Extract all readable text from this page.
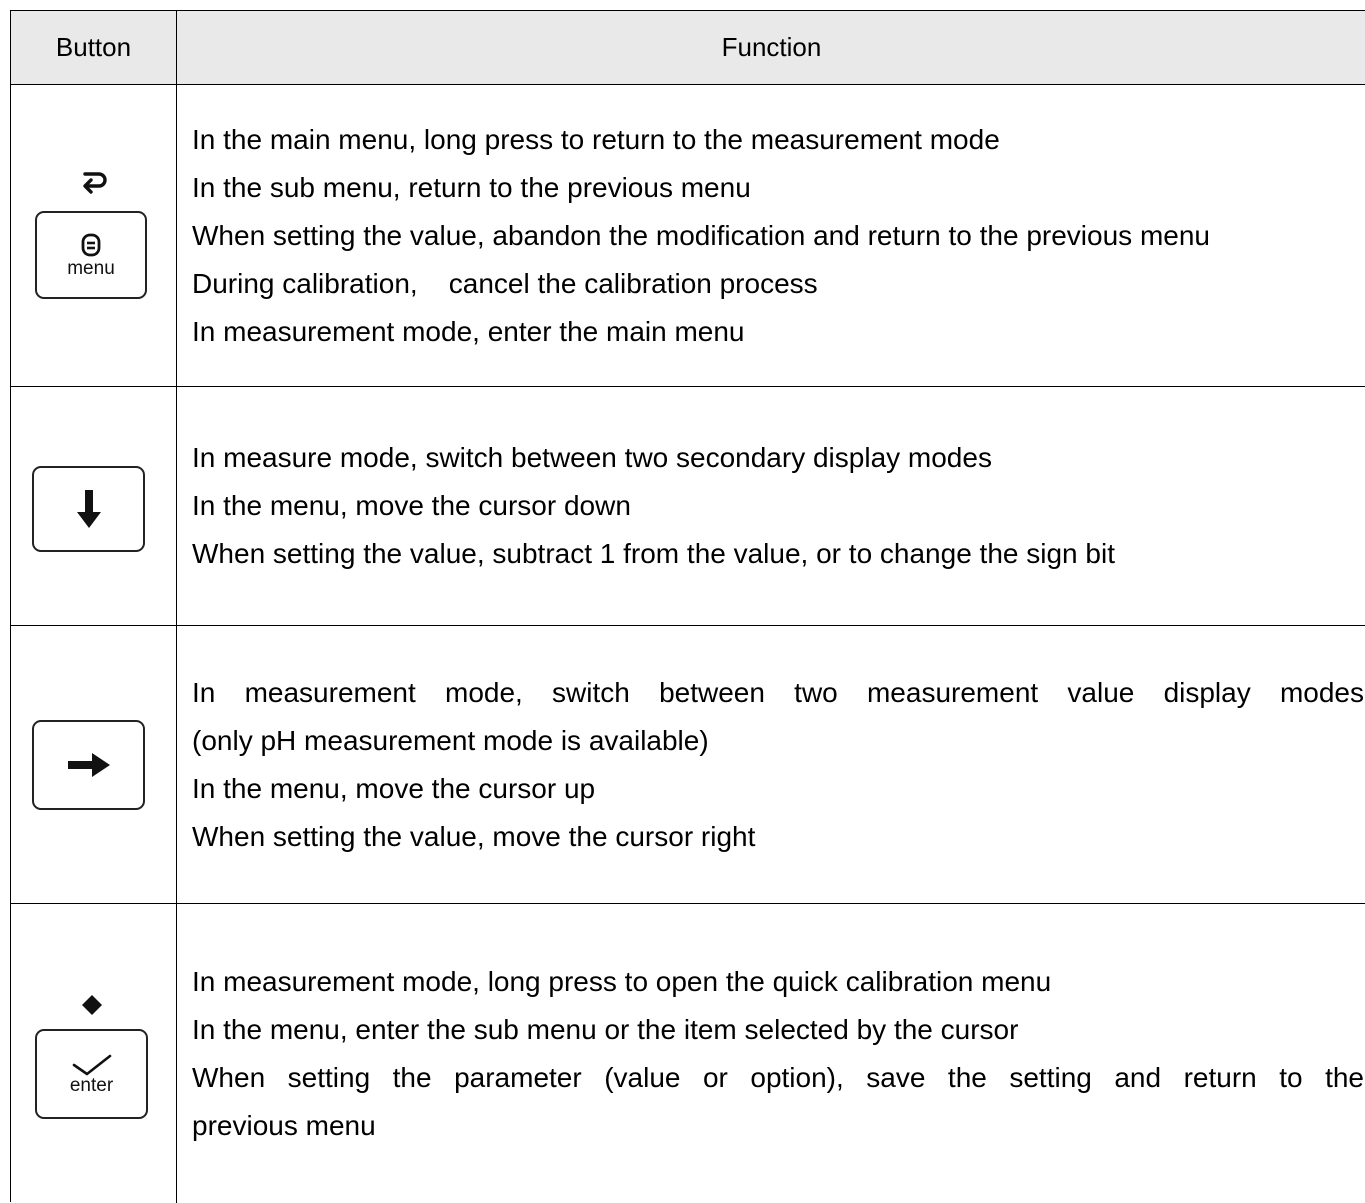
Button	Function
menu
In the main menu, long press to return to the measurement mode
In the sub menu, return to the previous menu
When setting the value, abandon the modification and return to the previous menu
During calibration,    cancel the calibration process
In measurement mode, enter the main menu
In measure mode, switch between two secondary display modes
In the menu, move the cursor down
When setting the value, subtract 1 from the value, or to change the sign bit
In measurement mode, switch between two measurement value display modes
(only pH measurement mode is available)
In the menu, move the cursor up
When setting the value, move the cursor right
enter
In measurement mode, long press to open the quick calibration menu
In the menu, enter the sub menu or the item selected by the cursor
When setting the parameter (value or option), save the setting and return to the
previous menu
